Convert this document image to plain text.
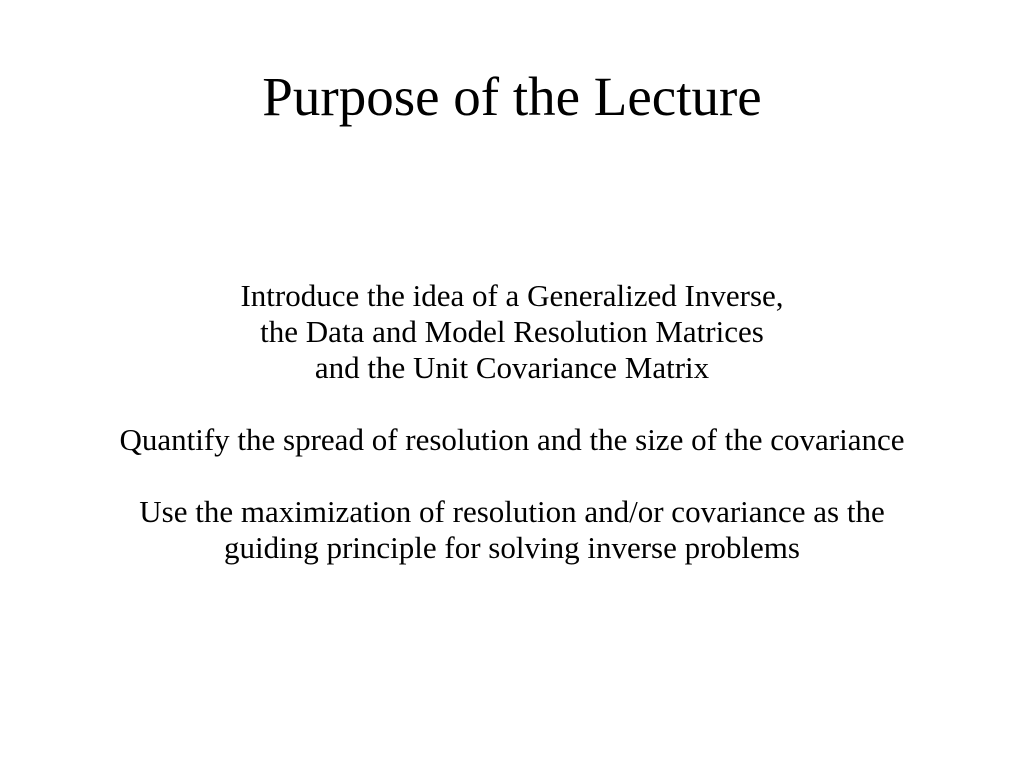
Purpose of the Lecture

Introduce the idea of a Generalized Inverse,
the Data and Model Resolution Matrices
and the Unit Covariance Matrix

Quantify the spread of resolution and the size of the covariance

Use the maximization of resolution and/or covariance as the
guiding principle for solving inverse problems
